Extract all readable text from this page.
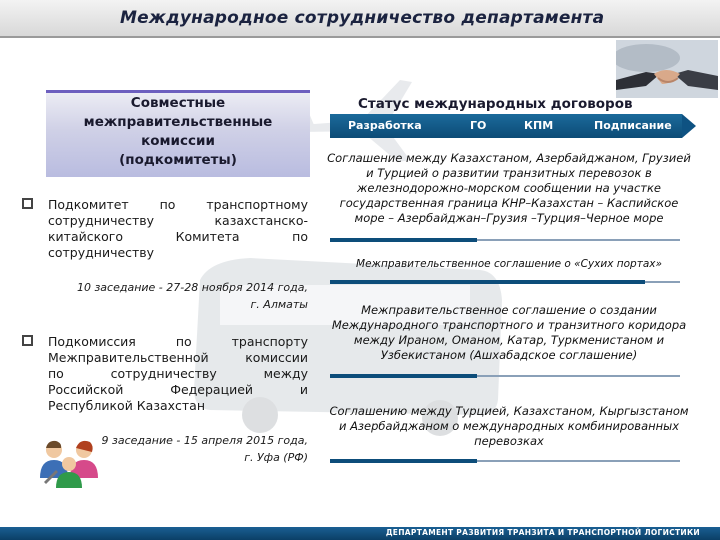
Международное сотрудничество департамента
Совместные
межправительственные
комиссии
(подкомитеты)
Подкомитет по транспортному
сотрудничеству казахстанско-
китайского Комитета по
сотрудничеству
10 заседание - 27-28 ноября 2014 года,
г. Алматы
Подкомиссия по транспорту
Межправительственной комиссии
по сотрудничеству между
Российской Федерацией и
Республикой Казахстан
9 заседание - 15 апреля 2015 года,
г. Уфа (РФ)
Статус международных договоров
Разработка	ГО	КПМ	Подписание
Соглашение между Казахстаном, Азербайджаном, Грузией
и Турцией о развитии транзитных перевозок в
железнодорожно-морском сообщении на участке
государственная граница КНР–Казахстан – Каспийское
море – Азербайджан–Грузия –Турция–Черное море
Межправительственное соглашение о «Сухих портах»
Межправительственное соглашение о создании
Международного транспортного и транзитного коридора
между Ираном, Оманом, Катар, Туркменистаном и
Узбекистаном (Ашхабадское соглашение)
Соглашению между Турцией, Казахстаном, Кыргызстаном
и Азербайджаном о международных комбинированных
перевозках
ДЕПАРТАМЕНТ РАЗВИТИЯ ТРАНЗИТА И ТРАНСПОРТНОЙ ЛОГИСТИКИ
